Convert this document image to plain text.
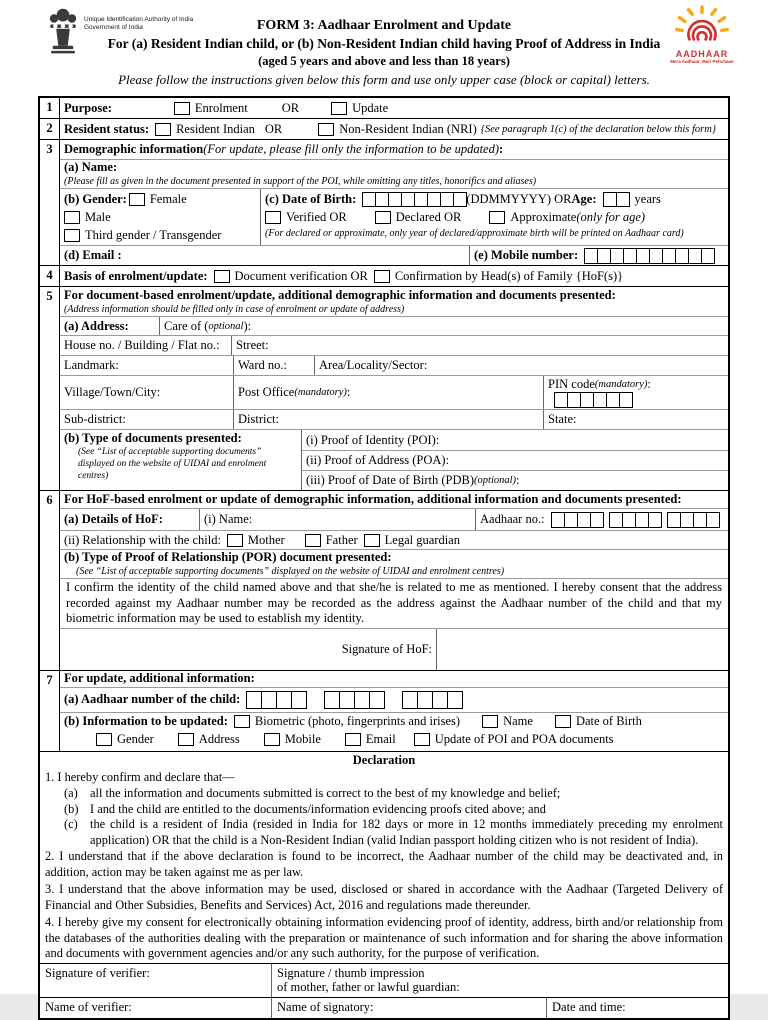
Unique Identification Authority of India
Government of India
AADHAAR
Mera Aadhaar, Meri Pehchaan
FORM 3: Aadhaar Enrolment and Update
For (a) Resident Indian child, or (b) Non-Resident Indian child having Proof of Address in India
(aged 5 years and above and less than 18 years)
Please follow the instructions given below this form and use only upper case (block or capital) letters.
1 Purpose:	Enrolment	OR	Update
2 Resident status: Resident Indian OR	Non-Resident Indian (NRI) {See paragraph 1(c) of the declaration below this form}
3 Demographic information (For update, please fill only the information to be updated) :
(a) Name:
(Please fill as given in the document presented in support of the POI, while omitting any titles, honorifics and aliases)
(b) Gender: Female
Male
Third gender / Transgender
(c) Date of Birth:	(DDMMYYYY) OR Age:	years
Verified OR	Declared OR	Approximate (only for age)
(For declared or approximate, only year of declared/approximate birth will be printed on Aadhaar card)
(d) Email :	(e) Mobile number:
4 Basis of enrolment/update: Document verification OR Confirmation by Head(s) of Family {HoF(s)}
5 For document-based enrolment/update, additional demographic information and documents presented:
(Address information should be filled only in case of enrolment or update of address)
(a) Address:	Care of ( optional ):
House no. / Building / Flat no.: Street:
Landmark:	Ward no.:	Area/Locality/Sector:
Village/Town/City:	Post Office (mandatory) :
PIN code (mandatory) :
Sub-district:	District:	State:
(b) Type of documents presented:
(See “List of acceptable supporting documents” displayed on the website of UIDAI and enrolment centres)
(i) Proof of Identity (POI):
(ii) Proof of Address (POA):
(iii) Proof of Date of Birth (PDB) (optional) :
6 For HoF-based enrolment or update of demographic information, additional information and documents presented:
(a) Details of HoF:	(i) Name:	Aadhaar no.:
(ii) Relationship with the child: Mother	Father Legal guardian
(b) Type of Proof of Relationship (POR) document presented:
(See “List of acceptable supporting documents” displayed on the website of UIDAI and enrolment centres)
I confirm the identity of the child named above and that she/he is related to me as mentioned. I hereby consent that the address recorded against my Aadhaar number may be recorded as the address against the Aadhaar number of the child and that my biometric information may be used to establish my identity.
Signature of HoF:
7 For update, additional information:
(a) Aadhaar number of the child:
(b) Information to be updated: Biometric (photo, fingerprints and irises)	Name	Date of Birth
Gender	Address	Mobile	Email	Update of POI and POA documents
Declaration
1. I hereby confirm and declare that—
(a) all the information and documents submitted is correct to the best of my knowledge and belief;
(b) I and the child are entitled to the documents/information evidencing proofs cited above; and
(c) the child is a resident of India (resided in India for 182 days or more in 12 months immediately preceding my enrolment application) OR that the child is a Non-Resident Indian (valid Indian passport holding citizen who is not resident of India).
2. I understand that if the above declaration is found to be incorrect, the Aadhaar number of the child may be deactivated and, in addition, action may be taken against me as per law.
3. I understand that the above information may be used, disclosed or shared in accordance with the Aadhaar (Targeted Delivery of Financial and Other Subsidies, Benefits and Services) Act, 2016 and regulations made thereunder.
4. I hereby give my consent for electronically obtaining information evidencing proof of identity, address, birth and/or relationship from the databases of the authorities dealing with the preparation or maintenance of such information and for sharing the above information and documents with government agencies and/or any such authority, for the purpose of verification.
Signature of verifier:	Signature / thumb impression
of mother, father or lawful guardian:
Name of verifier:	Name of signatory:	Date and time:
